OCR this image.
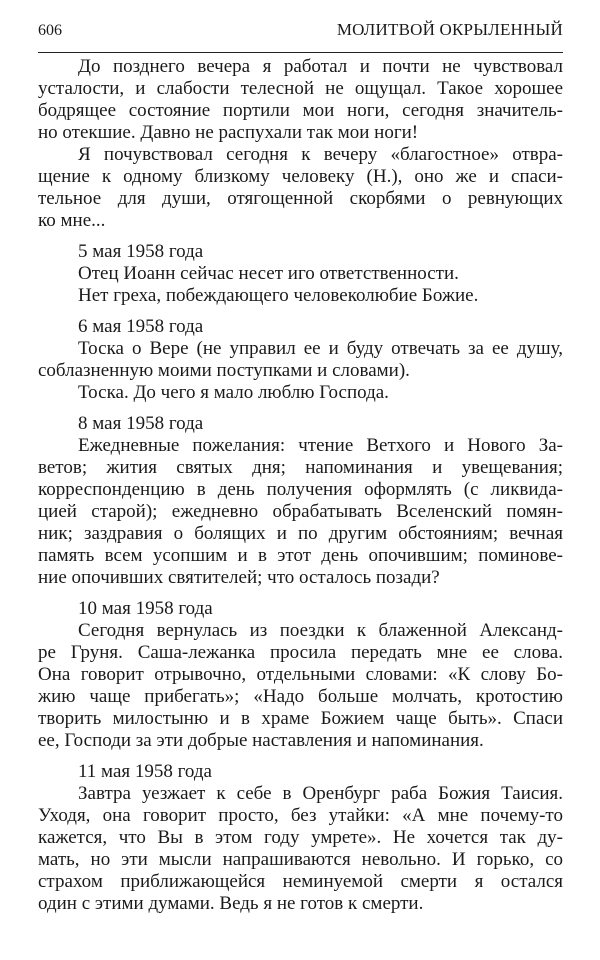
606	МОЛИТВОЙ ОКРЫЛЕННЫЙ
До позднего вечера я работал и почти не чувствовал
усталости, и слабости телесной не ощущал. Такое хорошее
бодрящее состояние портили мои ноги, сегодня значитель-
но отекшие. Давно не распухали так мои ноги!
Я почувствовал сегодня к вечеру «благостное» отвра-
щение к одному близкому человеку (Н.), оно же и спаси-
тельное для души, отягощенной скорбями о ревнующих
ко мне...
5 мая 1958 года
Отец Иоанн сейчас несет иго ответственности.
Нет греха, побеждающего человеколюбие Божие.
6 мая 1958 года
Тоска о Вере (не управил ее и буду отвечать за ее душу,
соблазненную моими поступками и словами).
Тоска. До чего я мало люблю Господа.
8 мая 1958 года
Ежедневные пожелания: чтение Ветхого и Нового За-
ветов; жития святых дня; напоминания и увещевания;
корреспонденцию в день получения оформлять (с ликвида-
цией старой); ежедневно обрабатывать Вселенский помян-
ник; заздравия о болящих и по другим обстояниям; вечная
память всем усопшим и в этот день опочившим; поминове-
ние опочивших святителей; что осталось позади?
10 мая 1958 года
Сегодня вернулась из поездки к блаженной Александ-
ре Груня. Саша-лежанка просила передать мне ее слова.
Она говорит отрывочно, отдельными словами: «К слову Бо-
жию чаще прибегать»; «Надо больше молчать, кротостию
творить милостыню и в храме Божием чаще быть». Спаси
ее, Господи за эти добрые наставления и напоминания.
11 мая 1958 года
Завтра уезжает к себе в Оренбург раба Божия Таисия.
Уходя, она говорит просто, без утайки: «А мне почему-то
кажется, что Вы в этом году умрете». Не хочется так ду-
мать, но эти мысли напрашиваются невольно. И горько, со
страхом приближающейся неминуемой смерти я остался
один с этими думами. Ведь я не готов к смерти.
